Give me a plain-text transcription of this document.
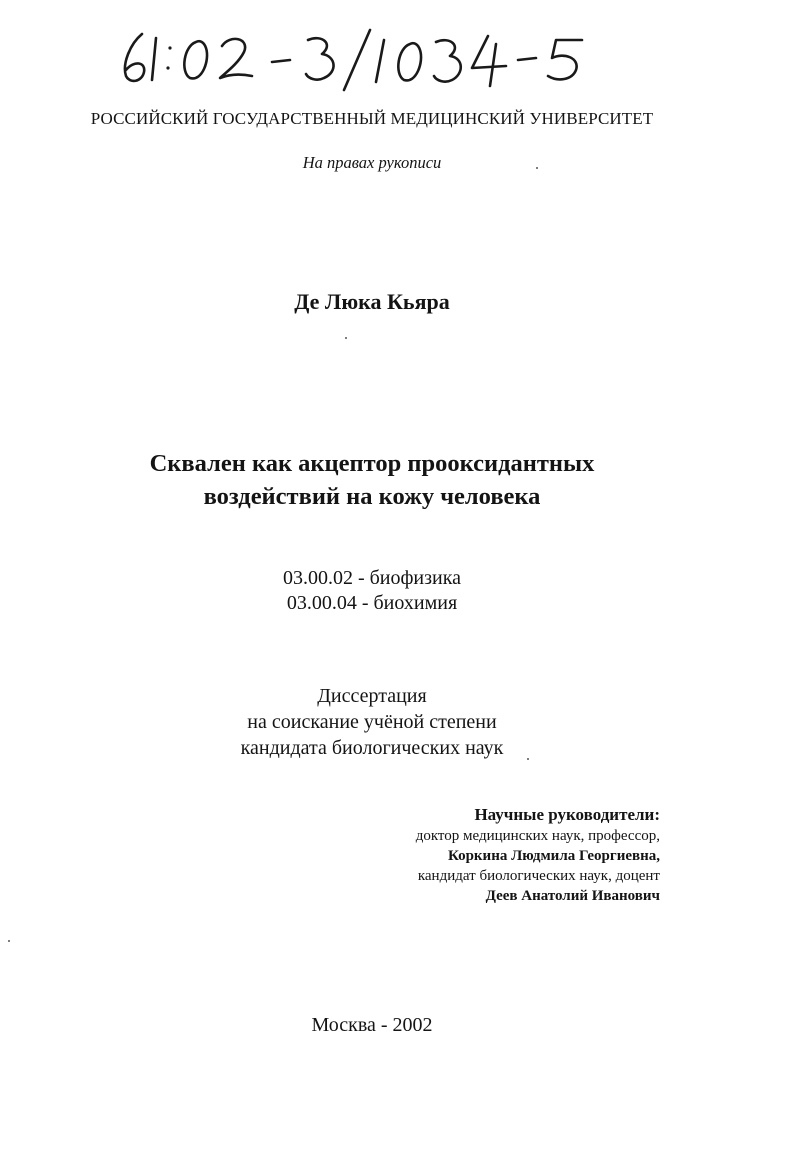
РОССИЙСКИЙ ГОСУДАРСТВЕННЫЙ МЕДИЦИНСКИЙ УНИВЕРСИТЕТ
На правах рукописи
Де Люка Кьяра
Сквален как акцептор прооксидантных
воздействий на кожу человека
03.00.02 - биофизика
03.00.04 - биохимия
Диссертация
на соискание учёной степени
кандидата биологических наук
Научные руководители:
доктор медицинских наук, профессор,
Коркина Людмила Георгиевна,
кандидат биологических наук, доцент
Деев Анатолий Иванович
Москва - 2002
